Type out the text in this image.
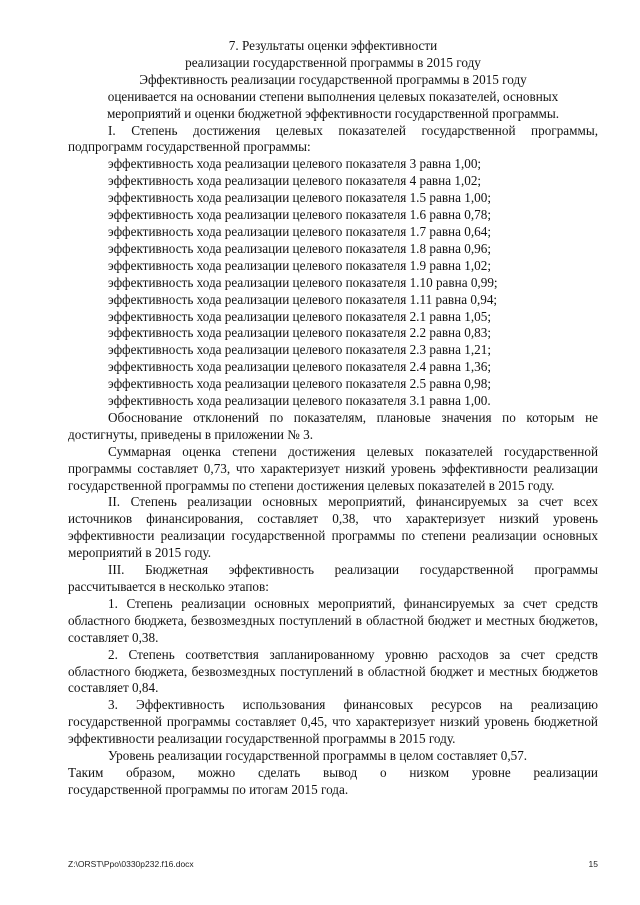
7. Результаты оценки эффективности
реализации государственной программы в 2015 году
Эффективность реализации государственной программы в 2015 году
оценивается на основании степени выполнения целевых показателей, основных
мероприятий и оценки бюджетной эффективности государственной программы.
I. Степень достижения целевых показателей государственной программы, подпрограмм государственной программы:
эффективность хода реализации целевого показателя 3 равна 1,00;
эффективность хода реализации целевого показателя 4 равна 1,02;
эффективность хода реализации целевого показателя 1.5 равна 1,00;
эффективность хода реализации целевого показателя 1.6 равна 0,78;
эффективность хода реализации целевого показателя 1.7 равна 0,64;
эффективность хода реализации целевого показателя 1.8 равна 0,96;
эффективность хода реализации целевого показателя 1.9 равна 1,02;
эффективность хода реализации целевого показателя 1.10 равна 0,99;
эффективность хода реализации целевого показателя 1.11 равна 0,94;
эффективность хода реализации целевого показателя 2.1 равна 1,05;
эффективность хода реализации целевого показателя 2.2 равна 0,83;
эффективность хода реализации целевого показателя 2.3 равна 1,21;
эффективность хода реализации целевого показателя 2.4 равна 1,36;
эффективность хода реализации целевого показателя 2.5 равна 0,98;
эффективность хода реализации целевого показателя 3.1 равна 1,00.
Обоснование отклонений по показателям, плановые значения по которым не достигнуты, приведены в приложении № 3.
Суммарная оценка степени достижения целевых показателей государственной программы составляет 0,73, что характеризует низкий уровень эффективности реализации государственной программы по степени достижения целевых показателей в 2015 году.
II. Степень реализации основных мероприятий, финансируемых за счет всех источников финансирования, составляет 0,38, что характеризует низкий уровень эффективности реализации государственной программы по степени реализации основных мероприятий в 2015 году.
III. Бюджетная эффективность реализации государственной программы рассчитывается в несколько этапов:
1. Степень реализации основных мероприятий, финансируемых за счет средств областного бюджета, безвозмездных поступлений в областной бюджет и местных бюджетов, составляет 0,38.
2. Степень соответствия запланированному уровню расходов за счет средств областного бюджета, безвозмездных поступлений в областной бюджет и местных бюджетов составляет 0,84.
3. Эффективность использования финансовых ресурсов на реализацию государственной программы составляет 0,45, что характеризует низкий уровень бюджетной эффективности реализации государственной программы в 2015 году.
Уровень реализации государственной программы в целом составляет 0,57.
Таким образом, можно сделать вывод о низком уровне реализации
государственной программы по итогам 2015 года.
Z:\ORST\Ppo\0330p232.f16.docx	15
